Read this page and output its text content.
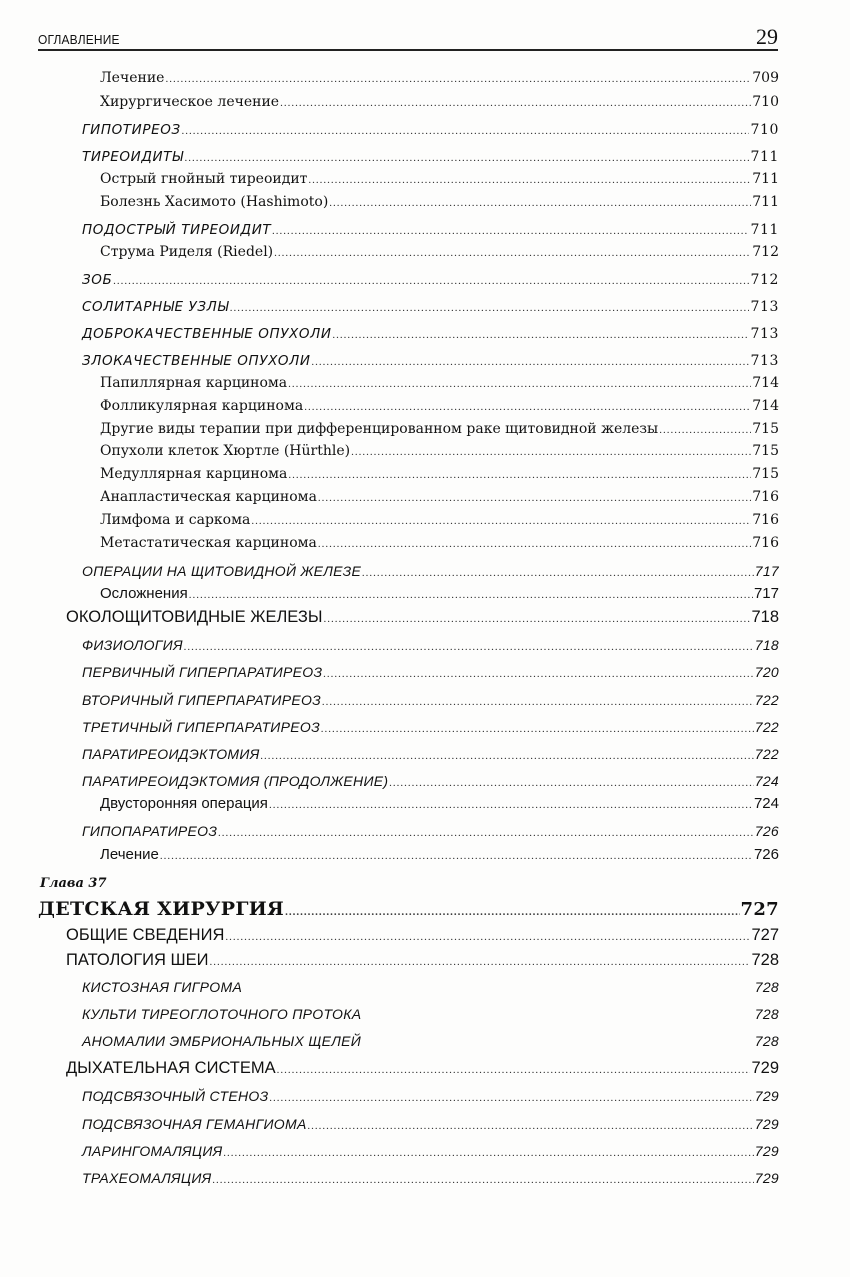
ОГЛАВЛЕНИЕ	29
Глава 37
Лечение .....	709
Хирургическое лечение .....	710
ГИПОТИРЕОЗ .....	710
ТИРЕОИДИТЫ .....	711
Острый гнойный тиреоидит .....	711
Болезнь Хасимото (Hashimoto) .....	711
ПОДОСТРЫЙ ТИРЕОИДИТ .....	711
Струма Риделя (Riedel) .....	712
ЗОБ .....	712
СОЛИТАРНЫЕ УЗЛЫ .....	713
ДОБРОКАЧЕСТВЕННЫЕ ОПУХОЛИ .....	713
ЗЛОКАЧЕСТВЕННЫЕ ОПУХОЛИ .....	713
Папиллярная карцинома .....	714
Фолликулярная карцинома .....	714
Другие виды терапии при дифференцированном раке щитовидной железы .....	715
Опухоли клеток Хюртле (Hürthle) .....	715
Медуллярная карцинома .....	715
Анапластическая карцинома .....	716
Лимфома и саркома .....	716
Метастатическая карцинома .....	716
ОПЕРАЦИИ НА ЩИТОВИДНОЙ ЖЕЛЕЗЕ .....	717
Осложнения .....	717
ОКОЛОЩИТОВИДНЫЕ ЖЕЛЕЗЫ .....	718
ФИЗИОЛОГИЯ .....	718
ПЕРВИЧНЫЙ ГИПЕРПАРАТИРЕОЗ .....	720
ВТОРИЧНЫЙ ГИПЕРПАРАТИРЕОЗ .....	722
ТРЕТИЧНЫЙ ГИПЕРПАРАТИРЕОЗ .....	722
ПАРАТИРЕОИДЭКТОМИЯ .....	722
ПАРАТИРЕОИДЭКТОМИЯ (ПРОДОЛЖЕНИЕ) .....	724
Двусторонняя операция .....	724
ГИПОПАРАТИРЕОЗ .....	726
Лечение .....	726
ДЕТСКАЯ ХИРУРГИЯ .....	727
ОБЩИЕ СВЕДЕНИЯ .....	727
ПАТОЛОГИЯ ШЕИ .....	728
КИСТОЗНАЯ ГИГРОМА	728
КУЛЬТИ ТИРЕОГЛОТОЧНОГО ПРОТОКА	728
АНОМАЛИИ ЭМБРИОНАЛЬНЫХ ЩЕЛЕЙ	728
ДЫХАТЕЛЬНАЯ СИСТЕМА .....	729
ПОДСВЯЗОЧНЫЙ СТЕНОЗ .....	729
ПОДСВЯЗОЧНАЯ ГЕМАНГИОМА .....	729
ЛАРИНГОМАЛЯЦИЯ .....	729
ТРАХЕОМАЛЯЦИЯ .....	729
